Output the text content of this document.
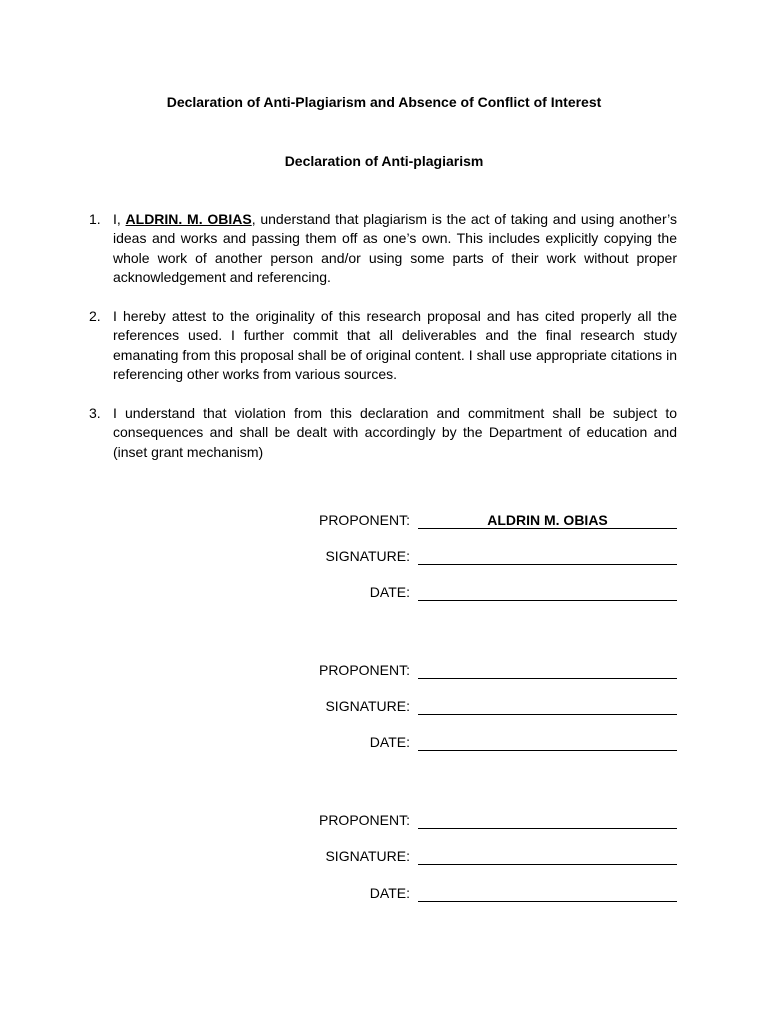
Declaration of Anti-Plagiarism and Absence of Conflict of Interest
Declaration of Anti-plagiarism
1. I, ALDRIN. M. OBIAS, understand that plagiarism is the act of taking and using another’s ideas and works and passing them off as one’s own. This includes explicitly copying the whole work of another person and/or using some parts of their work without proper acknowledgement and referencing.
2. I hereby attest to the originality of this research proposal and has cited properly all the references used. I further commit that all deliverables and the final research study emanating from this proposal shall be of original content. I shall use appropriate citations in referencing other works from various sources.
3. I understand that violation from this declaration and commitment shall be subject to consequences and shall be dealt with accordingly by the Department of education and (inset grant mechanism)
PROPONENT:	ALDRIN M. OBIAS
SIGNATURE:
DATE:
PROPONENT:
SIGNATURE:
DATE:
PROPONENT:
SIGNATURE:
DATE:
